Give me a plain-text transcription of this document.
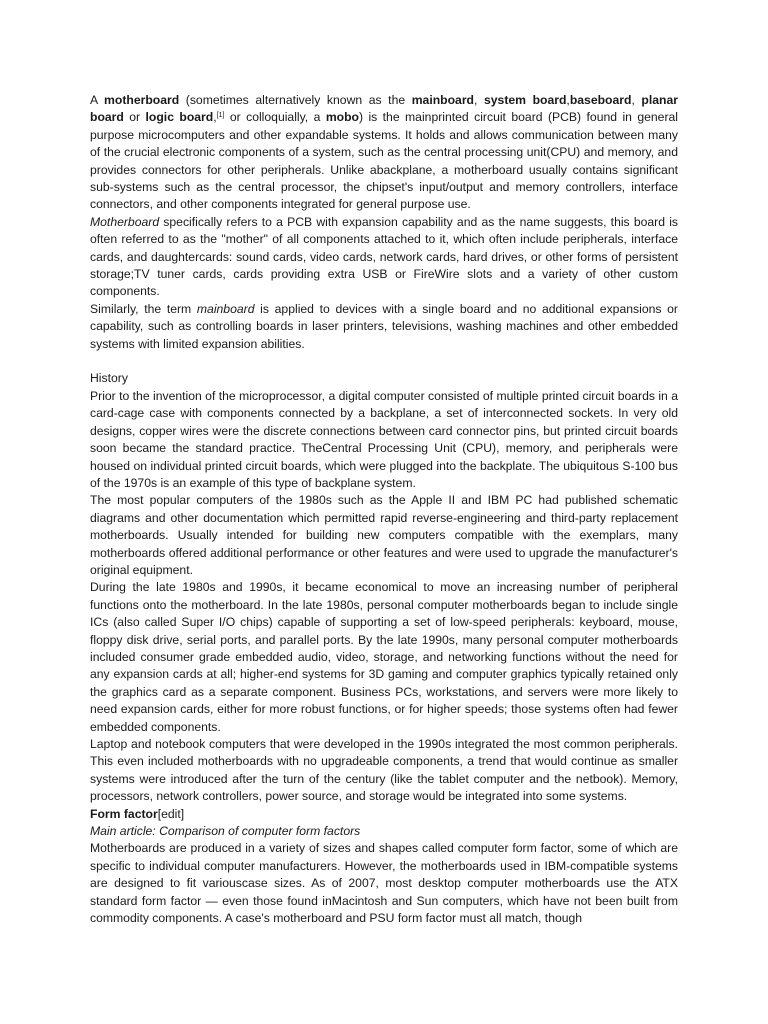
A motherboard (sometimes alternatively known as the mainboard, system board,baseboard, planar board or logic board,[1] or colloquially, a mobo) is the mainprinted circuit board (PCB) found in general purpose microcomputers and other expandable systems. It holds and allows communication between many of the crucial electronic components of a system, such as the central processing unit(CPU) and memory, and provides connectors for other peripherals. Unlike abackplane, a motherboard usually contains significant sub-systems such as the central processor, the chipset's input/output and memory controllers, interface connectors, and other components integrated for general purpose use.

Motherboard specifically refers to a PCB with expansion capability and as the name suggests, this board is often referred to as the "mother" of all components attached to it, which often include peripherals, interface cards, and daughtercards: sound cards, video cards, network cards, hard drives, or other forms of persistent storage;TV tuner cards, cards providing extra USB or FireWire slots and a variety of other custom components.

Similarly, the term mainboard is applied to devices with a single board and no additional expansions or capability, such as controlling boards in laser printers, televisions, washing machines and other embedded systems with limited expansion abilities.

History

Prior to the invention of the microprocessor, a digital computer consisted of multiple printed circuit boards in a card-cage case with components connected by a backplane, a set of interconnected sockets. In very old designs, copper wires were the discrete connections between card connector pins, but printed circuit boards soon became the standard practice. TheCentral Processing Unit (CPU), memory, and peripherals were housed on individual printed circuit boards, which were plugged into the backplate. The ubiquitous S-100 bus of the 1970s is an example of this type of backplane system.

The most popular computers of the 1980s such as the Apple II and IBM PC had published schematic diagrams and other documentation which permitted rapid reverse-engineering and third-party replacement motherboards. Usually intended for building new computers compatible with the exemplars, many motherboards offered additional performance or other features and were used to upgrade the manufacturer's original equipment.

During the late 1980s and 1990s, it became economical to move an increasing number of peripheral functions onto the motherboard. In the late 1980s, personal computer motherboards began to include single ICs (also called Super I/O chips) capable of supporting a set of low-speed peripherals: keyboard, mouse, floppy disk drive, serial ports, and parallel ports. By the late 1990s, many personal computer motherboards included consumer grade embedded audio, video, storage, and networking functions without the need for any expansion cards at all; higher-end systems for 3D gaming and computer graphics typically retained only the graphics card as a separate component. Business PCs, workstations, and servers were more likely to need expansion cards, either for more robust functions, or for higher speeds; those systems often had fewer embedded components.

Laptop and notebook computers that were developed in the 1990s integrated the most common peripherals. This even included motherboards with no upgradeable components, a trend that would continue as smaller systems were introduced after the turn of the century (like the tablet computer and the netbook). Memory, processors, network controllers, power source, and storage would be integrated into some systems.

Form factor[edit]

Main article: Comparison of computer form factors

Motherboards are produced in a variety of sizes and shapes called computer form factor, some of which are specific to individual computer manufacturers. However, the motherboards used in IBM-compatible systems are designed to fit variouscase sizes. As of 2007, most desktop computer motherboards use the ATX standard form factor — even those found inMacintosh and Sun computers, which have not been built from commodity components. A case's motherboard and PSU form factor must all match, though
